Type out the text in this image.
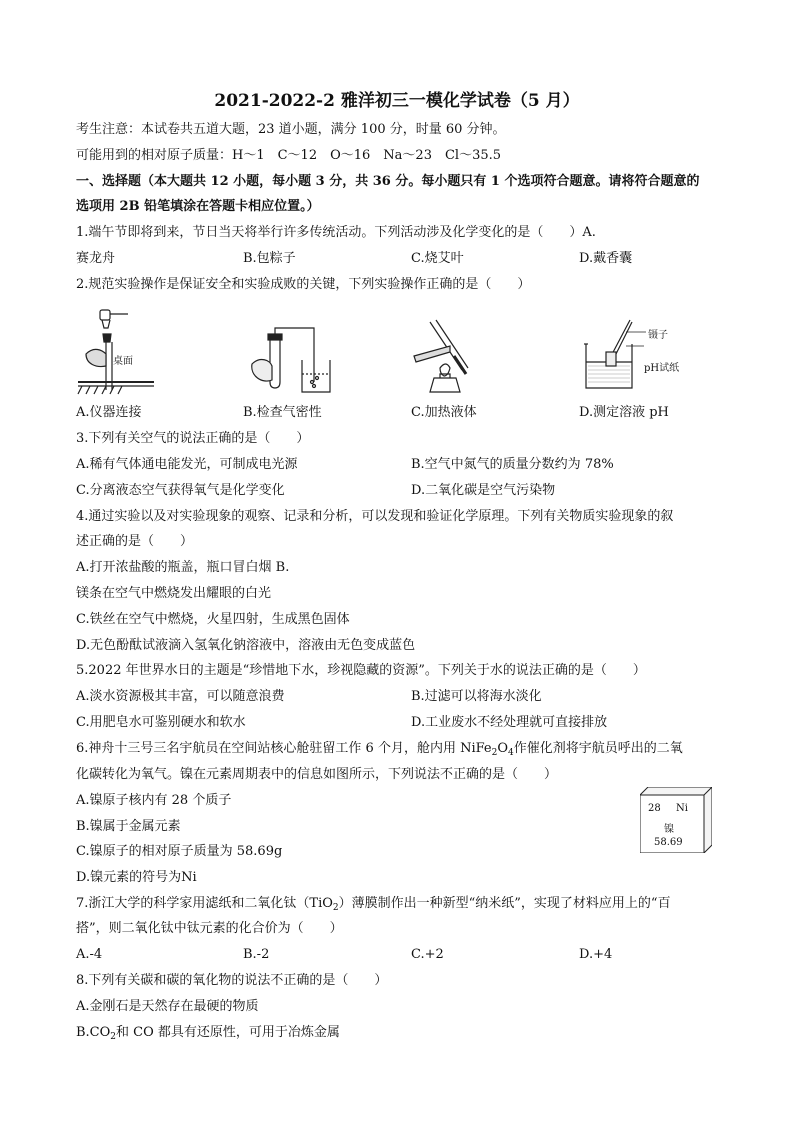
2021-2022-2 雅洋初三一模化学试卷（5 月）
考生注意：本试卷共五道大题，23 道小题，满分 100 分，时量 60 分钟。
可能用到的相对原子质量：H～1　C～12　O～16　Na～23　Cl～35.5
一、选择题（本大题共 12 小题，每小题 3 分，共 36 分。每小题只有 1 个选项符合题意。请将符合题意的
选项用 2B 铅笔填涂在答题卡相应位置。）
1.端午节即将到来，节日当天将举行许多传统活动。下列活动涉及化学变化的是（　　）A.
赛龙舟	B.包粽子	C.烧艾叶	D.戴香囊
2.规范实验操作是保证安全和实验成败的关键，下列实验操作正确的是（　　）
桌面
镊子
pH试纸
A.仪器连接	B.检查气密性	C.加热液体	D.测定溶液 pH
3.下列有关空气的说法正确的是（　　）
A.稀有气体通电能发光，可制成电光源	B.空气中氮气的质量分数约为 78%
C.分离液态空气获得氧气是化学变化	D.二氧化碳是空气污染物
4.通过实验以及对实验现象的观察、记录和分析，可以发现和验证化学原理。下列有关物质实验现象的叙
述正确的是（　　）
A.打开浓盐酸的瓶盖，瓶口冒白烟 B.
镁条在空气中燃烧发出耀眼的白光
C.铁丝在空气中燃烧，火星四射，生成黑色固体
D.无色酚酞试液滴入氢氧化钠溶液中，溶液由无色变成蓝色
5.2022 年世界水日的主题是“珍惜地下水，珍视隐藏的资源”。下列关于水的说法正确的是（　　）
A.淡水资源极其丰富，可以随意浪费	B.过滤可以将海水淡化
C.用肥皂水可鉴别硬水和软水	D.工业废水不经处理就可直接排放
6.神舟十三号三名宇航员在空间站核心舱驻留工作 6 个月，舱内用 $NiFe_2O_4$作催化剂将宇航员呼出的二氧
化碳转化为氧气。镍在元素周期表中的信息如图所示，下列说法不正确的是（　　）
A.镍原子核内有 28 个质子
B.镍属于金属元素
C.镍原子的相对原子质量为 58.69g
D.镍元素的符号为Ni
28 Ni
镍
58.69
7.浙江大学的科学家用滤纸和二氧化钛（TiO$_2$）薄膜制作出一种新型“纳米纸”，实现了材料应用上的“百
搭”，则二氧化钛中钛元素的化合价为（　　）
A.-4	B.-2	C.+2	D.+4
8.下列有关碳和碳的氧化物的说法不正确的是（　　）
A.金刚石是天然存在最硬的物质
$B.CO_2$和 CO 都具有还原性，可用于冶炼金属
